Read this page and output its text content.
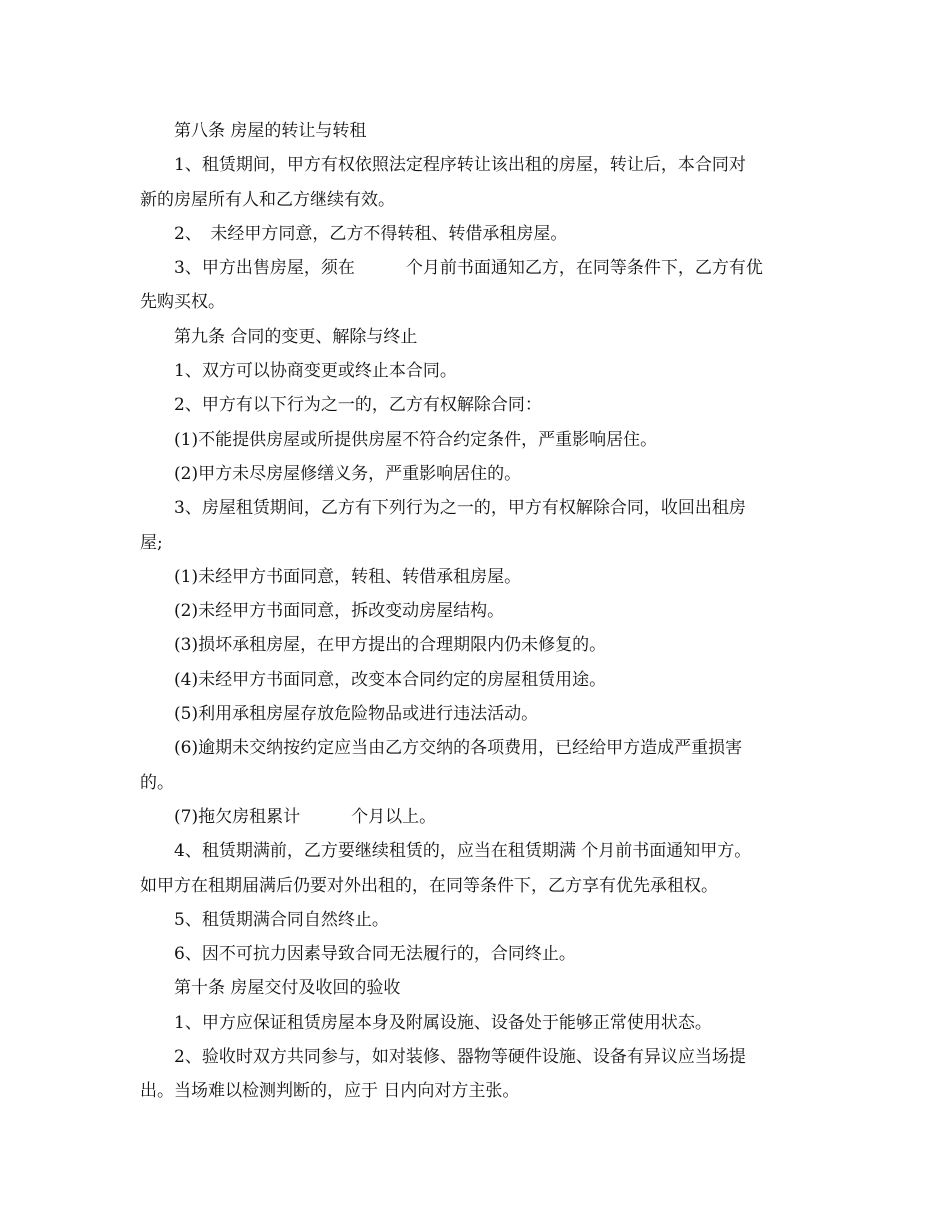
第八条 房屋的转让与转租

1、租赁期间，甲方有权依照法定程序转让该出租的房屋，转让后，本合同对

新的房屋所有人和乙方继续有效。

2、　未经甲方同意，乙方不得转租、转借承租房屋。

3、甲方出售房屋，须在　　　个月前书面通知乙方，在同等条件下，乙方有优

先购买权。

第九条 合同的变更、解除与终止

1、双方可以协商变更或终止本合同。

2、甲方有以下行为之一的，乙方有权解除合同：

(1)不能提供房屋或所提供房屋不符合约定条件，严重影响居住。

(2)甲方未尽房屋修缮义务，严重影响居住的。

3、房屋租赁期间，乙方有下列行为之一的，甲方有权解除合同，收回出租房

屋;

(1)未经甲方书面同意，转租、转借承租房屋。

(2)未经甲方书面同意，拆改变动房屋结构。

(3)损坏承租房屋，在甲方提出的合理期限内仍未修复的。

(4)未经甲方书面同意，改变本合同约定的房屋租赁用途。

(5)利用承租房屋存放危险物品或进行违法活动。

(6)逾期未交纳按约定应当由乙方交纳的各项费用，已经给甲方造成严重损害

的。

(7)拖欠房租累计　　　个月以上。

4、租赁期满前，乙方要继续租赁的，应当在租赁期满 个月前书面通知甲方。

如甲方在租期届满后仍要对外出租的，在同等条件下，乙方享有优先承租权。

5、租赁期满合同自然终止。

6、因不可抗力因素导致合同无法履行的，合同终止。

第十条 房屋交付及收回的验收

1、甲方应保证租赁房屋本身及附属设施、设备处于能够正常使用状态。

2、验收时双方共同参与，如对装修、器物等硬件设施、设备有异议应当场提

出。当场难以检测判断的，应于 日内向对方主张。
